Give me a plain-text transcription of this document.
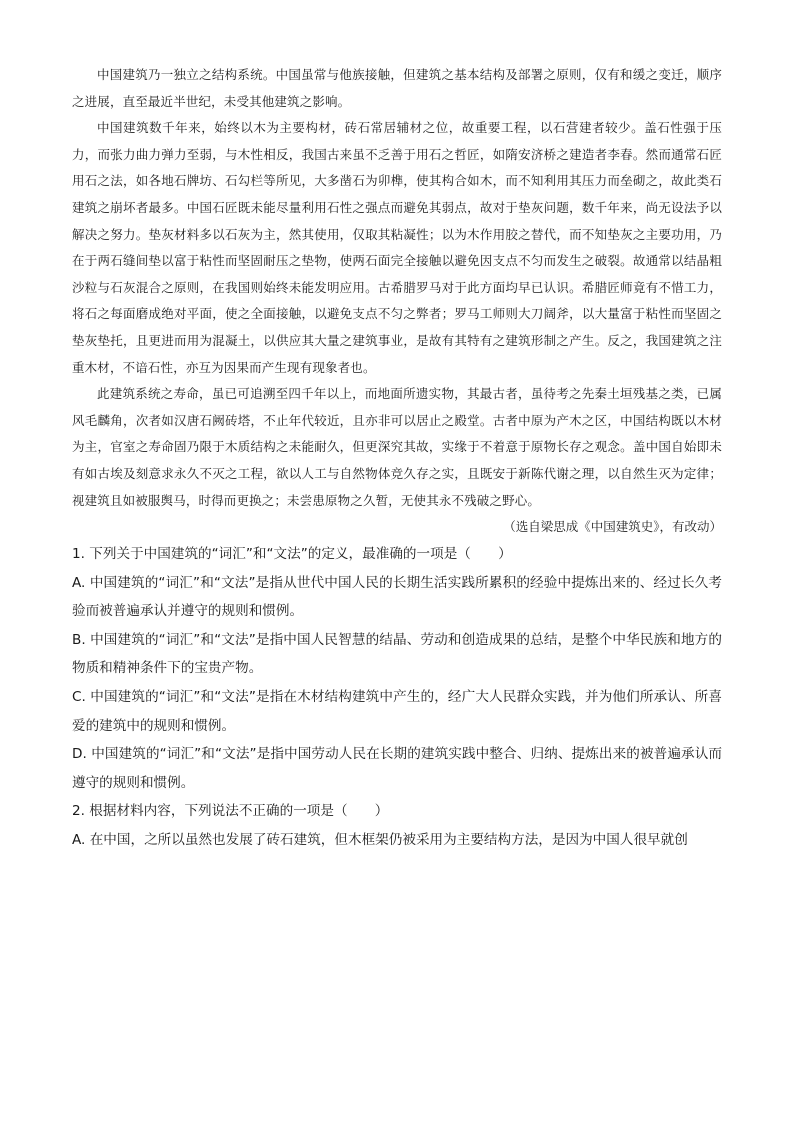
中国建筑乃一独立之结构系统。中国虽常与他族接触，但建筑之基本结构及部署之原则，仅有和缓之变迁，顺序之进展，直至最近半世纪，未受其他建筑之影响。

中国建筑数千年来，始终以木为主要构材，砖石常居辅材之位，故重要工程，以石营建者较少。盖石性强于压力，而张力曲力弹力至弱，与木性相反，我国古来虽不乏善于用石之哲匠，如隋安济桥之建造者李春。然而通常石匠用石之法，如各地石牌坊、石勾栏等所见，大多凿石为卯榫，使其构合如木，而不知利用其压力而垒砌之，故此类石建筑之崩坏者最多。中国石匠既未能尽量利用石性之强点而避免其弱点，故对于垫灰问题，数千年来，尚无设法予以解决之努力。垫灰材料多以石灰为主，然其使用，仅取其粘凝性；以为木作用胶之替代，而不知垫灰之主要功用，乃在于两石缝间垫以富于粘性而坚固耐压之垫物，使两石面完全接触以避免因支点不匀而发生之破裂。故通常以结晶粗沙粒与石灰混合之原则，在我国则始终未能发明应用。古希腊罗马对于此方面均早已认识。希腊匠师竟有不惜工力，将石之每面磨成绝对平面，使之全面接触，以避免支点不匀之弊者；罗马工师则大刀阔斧，以大量富于粘性而坚固之垫灰垫托，且更进而用为混凝土，以供应其大量之建筑事业，是故有其特有之建筑形制之产生。反之，我国建筑之注重木材，不谙石性，亦互为因果而产生现有现象者也。

此建筑系统之寿命，虽已可追溯至四千年以上，而地面所遗实物，其最古者，虽待考之先秦土垣残基之类，已属风毛麟角，次者如汉唐石阙砖塔，不止年代较近，且亦非可以居止之殿堂。古者中原为产木之区，中国结构既以木材为主，官室之寿命固乃限于木质结构之未能耐久，但更深究其故，实缘于不着意于原物长存之观念。盖中国自始即未有如古埃及刻意求永久不灭之工程，欲以人工与自然物体竞久存之实，且既安于新陈代谢之理，以自然生灭为定律；视建筑且如被服舆马，时得而更换之；未尝患原物之久暂，无使其永不残破之野心。

（选自梁思成《中国建筑史》，有改动）

1. 下列关于中国建筑的“词汇”和“文法”的定义，最准确的一项是（　　）

A. 中国建筑的“词汇”和“文法”是指从世代中国人民的长期生活实践所累积的经验中提炼出来的、经过长久考验而被普遍承认并遵守的规则和惯例。

B. 中国建筑的“词汇”和“文法”是指中国人民智慧的结晶、劳动和创造成果的总结，是整个中华民族和地方的物质和精神条件下的宝贵产物。

C. 中国建筑的“词汇”和“文法”是指在木材结构建筑中产生的，经广大人民群众实践，并为他们所承认、所喜爱的建筑中的规则和惯例。

D. 中国建筑的“词汇”和“文法”是指中国劳动人民在长期的建筑实践中整合、归纳、提炼出来的被普遍承认而遵守的规则和惯例。

2. 根据材料内容，下列说法不正确的一项是（　　）

A. 在中国，之所以虽然也发展了砖石建筑，但木框架仍被采用为主要结构方法，是因为中国人很早就创
